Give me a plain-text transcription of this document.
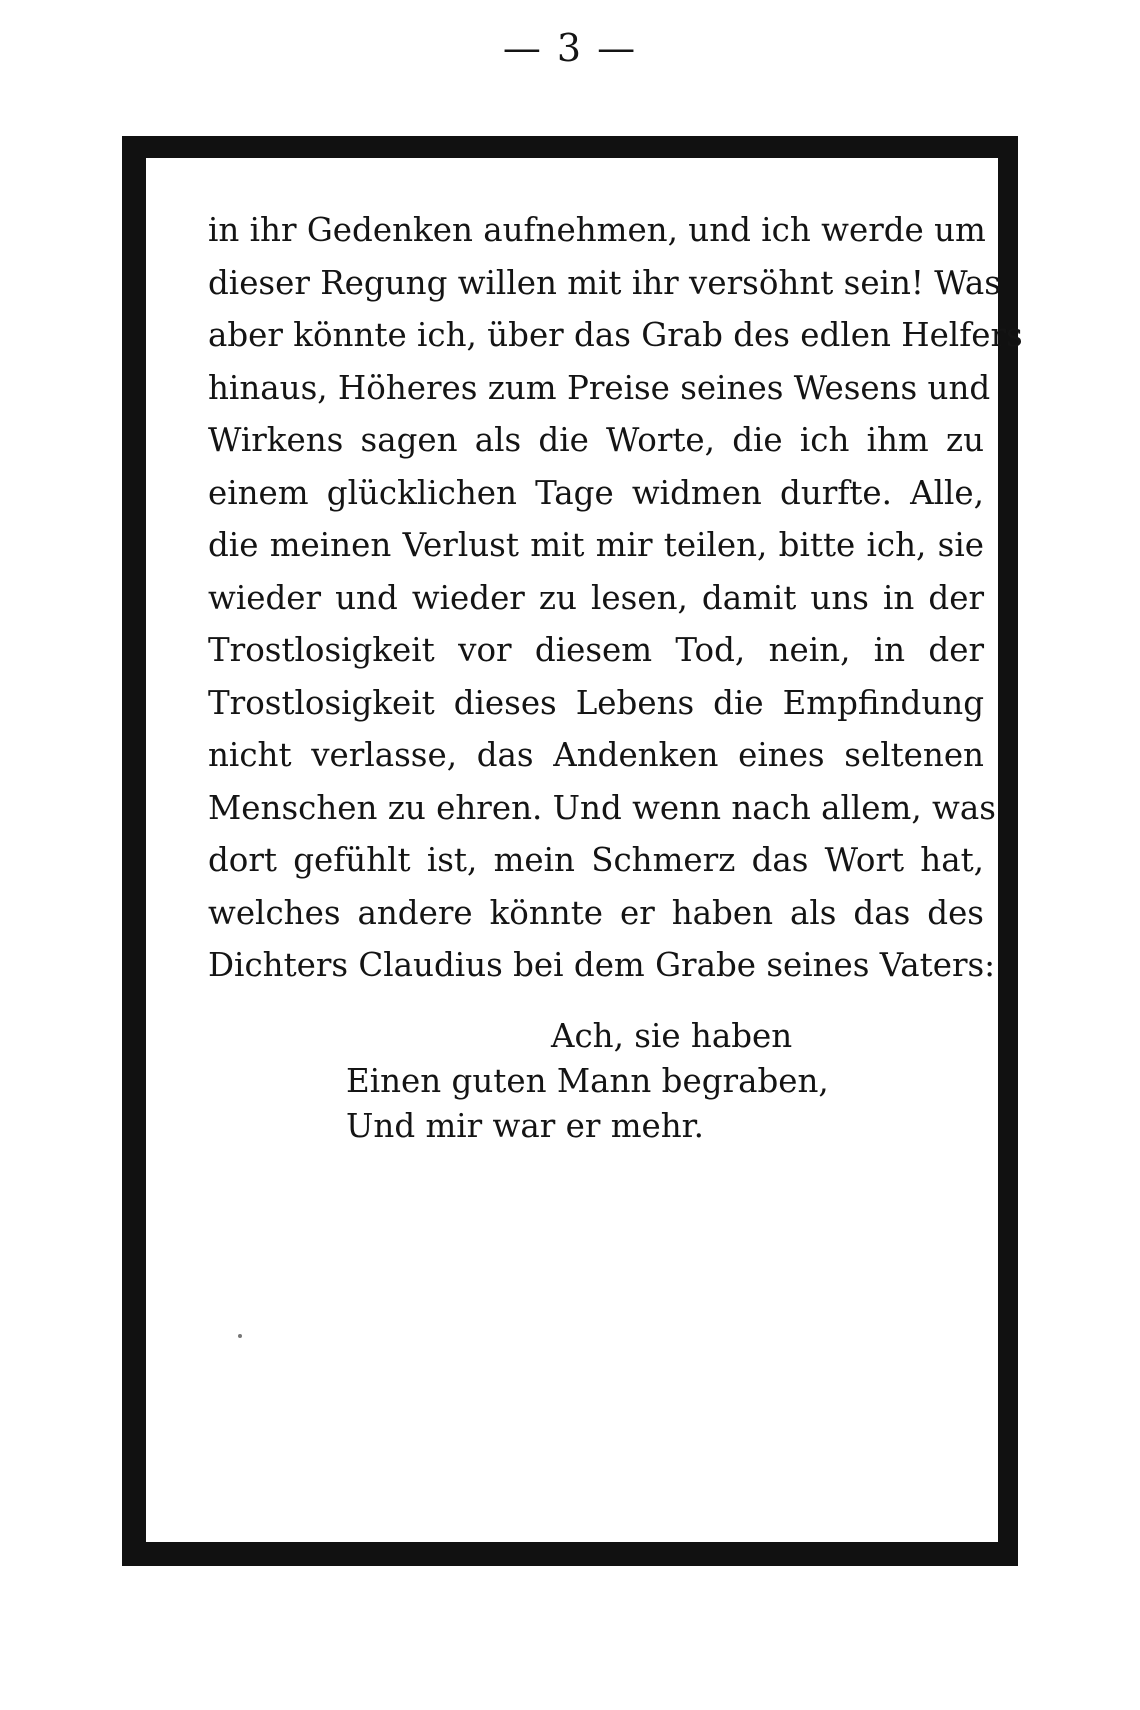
— 3 —
in ihr Gedenken aufnehmen, und ich werde um
dieser Regung willen mit ihr versöhnt sein! Was
aber könnte ich, über das Grab des edlen Helfers
hinaus, Höheres zum Preise seines Wesens und
Wirkens sagen als die Worte, die ich ihm zu
einem glücklichen Tage widmen durfte. Alle,
die meinen Verlust mit mir teilen, bitte ich, sie
wieder und wieder zu lesen, damit uns in der
Trostlosigkeit vor diesem Tod, nein, in der
Trostlosigkeit dieses Lebens die Empfindung
nicht verlasse, das Andenken eines seltenen
Menschen zu ehren. Und wenn nach allem, was
dort gefühlt ist, mein Schmerz das Wort hat,
welches andere könnte er haben als das des
Dichters Claudius bei dem Grabe seines Vaters:
Ach, sie haben
Einen guten Mann begraben,
Und mir war er mehr.
